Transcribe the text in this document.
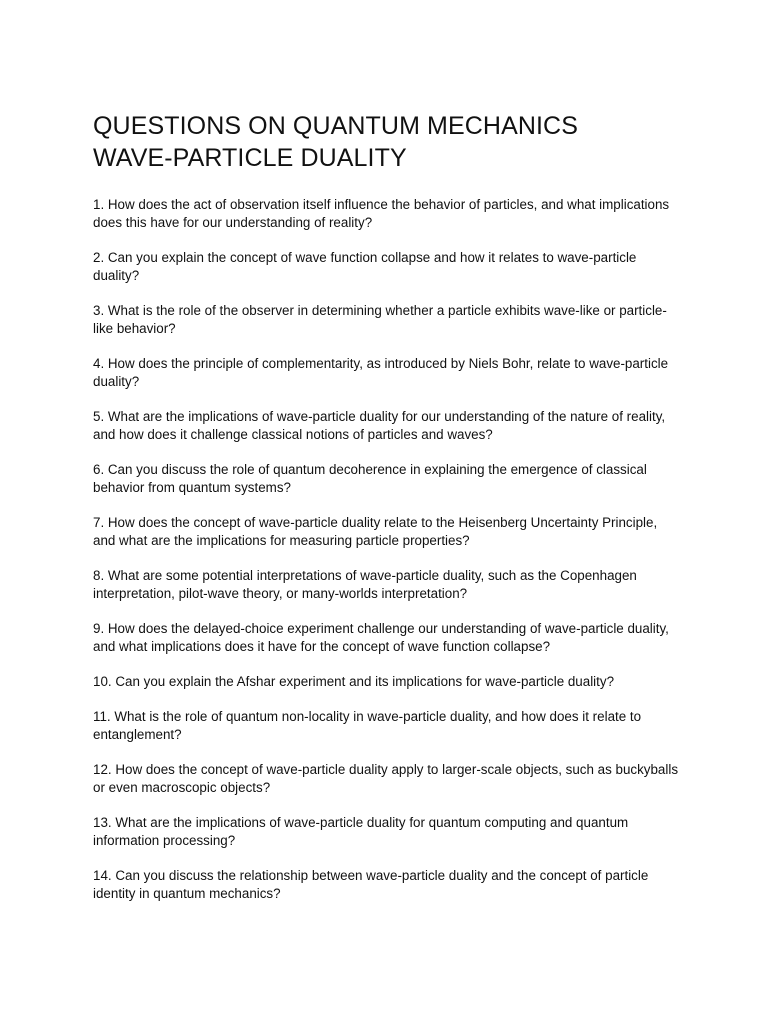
QUESTIONS ON QUANTUM MECHANICS
WAVE-PARTICLE DUALITY
1. How does the act of observation itself influence the behavior of particles, and what implications does this have for our understanding of reality?
2. Can you explain the concept of wave function collapse and how it relates to wave-particle duality?
3. What is the role of the observer in determining whether a particle exhibits wave-like or particle-like behavior?
4. How does the principle of complementarity, as introduced by Niels Bohr, relate to wave-particle duality?
5. What are the implications of wave-particle duality for our understanding of the nature of reality, and how does it challenge classical notions of particles and waves?
6. Can you discuss the role of quantum decoherence in explaining the emergence of classical behavior from quantum systems?
7. How does the concept of wave-particle duality relate to the Heisenberg Uncertainty Principle, and what are the implications for measuring particle properties?
8. What are some potential interpretations of wave-particle duality, such as the Copenhagen interpretation, pilot-wave theory, or many-worlds interpretation?
9. How does the delayed-choice experiment challenge our understanding of wave-particle duality, and what implications does it have for the concept of wave function collapse?
10. Can you explain the Afshar experiment and its implications for wave-particle duality?
11. What is the role of quantum non-locality in wave-particle duality, and how does it relate to entanglement?
12. How does the concept of wave-particle duality apply to larger-scale objects, such as buckyballs or even macroscopic objects?
13. What are the implications of wave-particle duality for quantum computing and quantum information processing?
14. Can you discuss the relationship between wave-particle duality and the concept of particle identity in quantum mechanics?
